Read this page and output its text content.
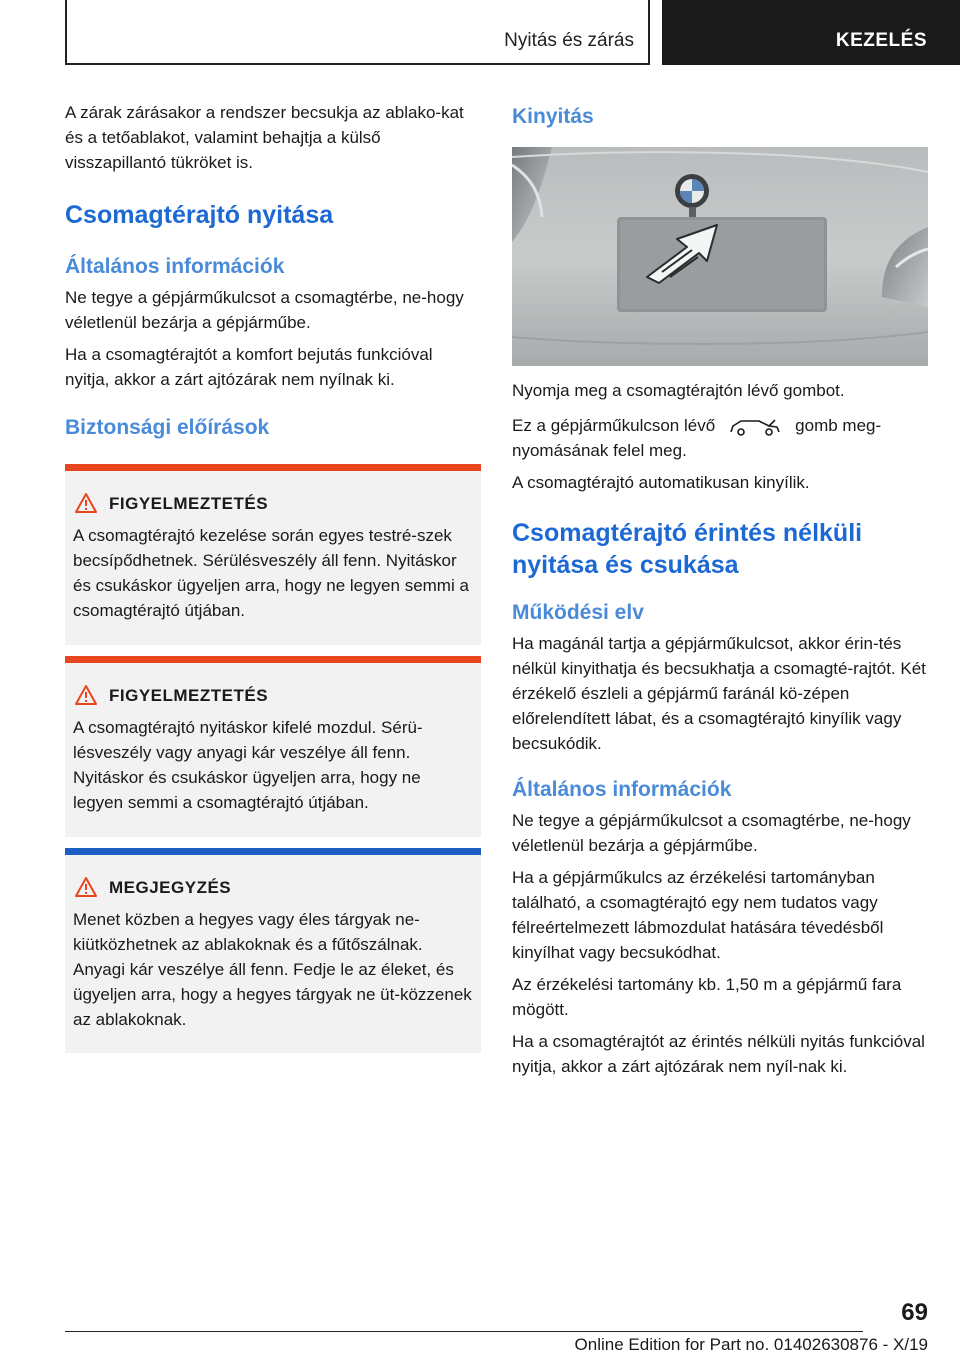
Nyitás és zárás	KEZELÉS

A zárak zárásakor a rendszer becsukja az ablako-kat és a tetőablakot, valamint behajtja a külső visszapillantó tükröket is.

Csomagtérajtó nyitása
Általános információk

Ne tegye a gépjárműkulcsot a csomagtérbe, ne-hogy véletlenül bezárja a gépjárműbe.

Ha a csomagtérajtót a komfort bejutás funkcióval nyitja, akkor a zárt ajtózárak nem nyílnak ki.

Biztonsági előírások
FIGYELMEZTETÉS
A csomagtérajtó kezelése során egyes testré-szek becsípődhetnek. Sérülésveszély áll fenn. Nyitáskor és csukáskor ügyeljen arra, hogy ne legyen semmi a csomagtérajtó útjában.
FIGYELMEZTETÉS
A csomagtérajtó nyitáskor kifelé mozdul. Sérü-lésveszély vagy anyagi kár veszélye áll fenn. Nyitáskor és csukáskor ügyeljen arra, hogy ne legyen semmi a csomagtérajtó útjában.
MEGJEGYZÉS
Menet közben a hegyes vagy éles tárgyak ne-kiütközhetnek az ablakoknak és a fűtőszálnak. Anyagi kár veszélye áll fenn. Fedje le az éleket, és ügyeljen arra, hogy a hegyes tárgyak ne üt-közzenek az ablakoknak.
Kinyitás

Nyomja meg a csomagtérajtón lévő gombot.

Ez a gépjárműkulcson lévő	gomb meg-nyomásának felel meg.

A csomagtérajtó automatikusan kinyílik.

Csomagtérajtó érintés nélküli nyitása és csukása
Működési elv

Ha magánál tartja a gépjárműkulcsot, akkor érin-tés nélkül kinyithatja és becsukhatja a csomagté-rajtót. Két érzékelő észleli a gépjármű faránál kö-zépen előrelendített lábat, és a csomagtérajtó kinyílik vagy becsukódik.

Általános információk

Ne tegye a gépjárműkulcsot a csomagtérbe, ne-hogy véletlenül bezárja a gépjárműbe.

Ha a gépjárműkulcs az érzékelési tartományban található, a csomagtérajtó egy nem tudatos vagy félreértelmezett lábmozdulat hatására tévedésből kinyílhat vagy becsukódhat.

Az érzékelési tartomány kb. 1,50 m a gépjármű fara mögött.

Ha a csomagtérajtót az érintés nélküli nyitás funkcióval nyitja, akkor a zárt ajtózárak nem nyíl-nak ki.

69
Online Edition for Part no. 01402630876 - X/19
